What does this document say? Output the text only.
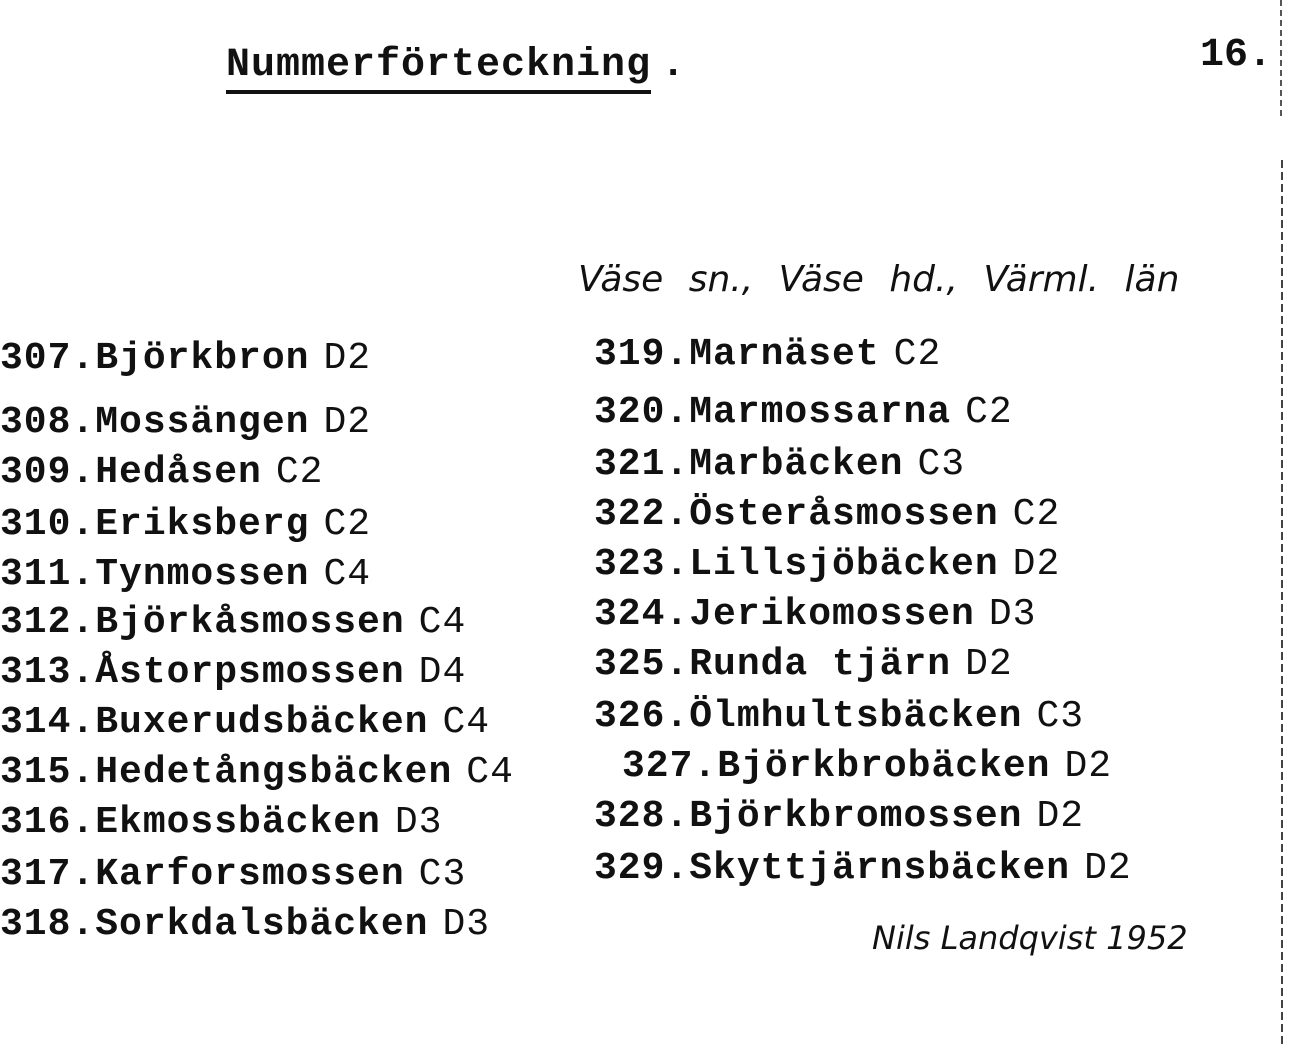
Nummerförteckning .	16.
Väse sn., Väse hd., Värml. län
307.Björkbron D2
308.Mossängen D2
309.Hedåsen C2
310.Eriksberg C2
311.Tynmossen C4
312.Björkåsmossen C4
313.Åstorpsmossen D4
314.Buxerudsbäcken C4
315.Hedetångsbäcken C4
316.Ekmossbäcken D3
317.Karforsmossen C3
318.Sorkdalsbäcken D3
319.Marnäset C2
320.Marmossarna C2
321.Marbäcken C3
322.Österåsmossen C2
323.Lillsjöbäcken D2
324.Jerikomossen D3
325.Runda tjärn D2
326.Ölmhultsbäcken C3
327.Björkbrobäcken D2
328.Björkbromossen D2
329.Skyttjärnsbäcken D2
Nils Landqvist 1952
